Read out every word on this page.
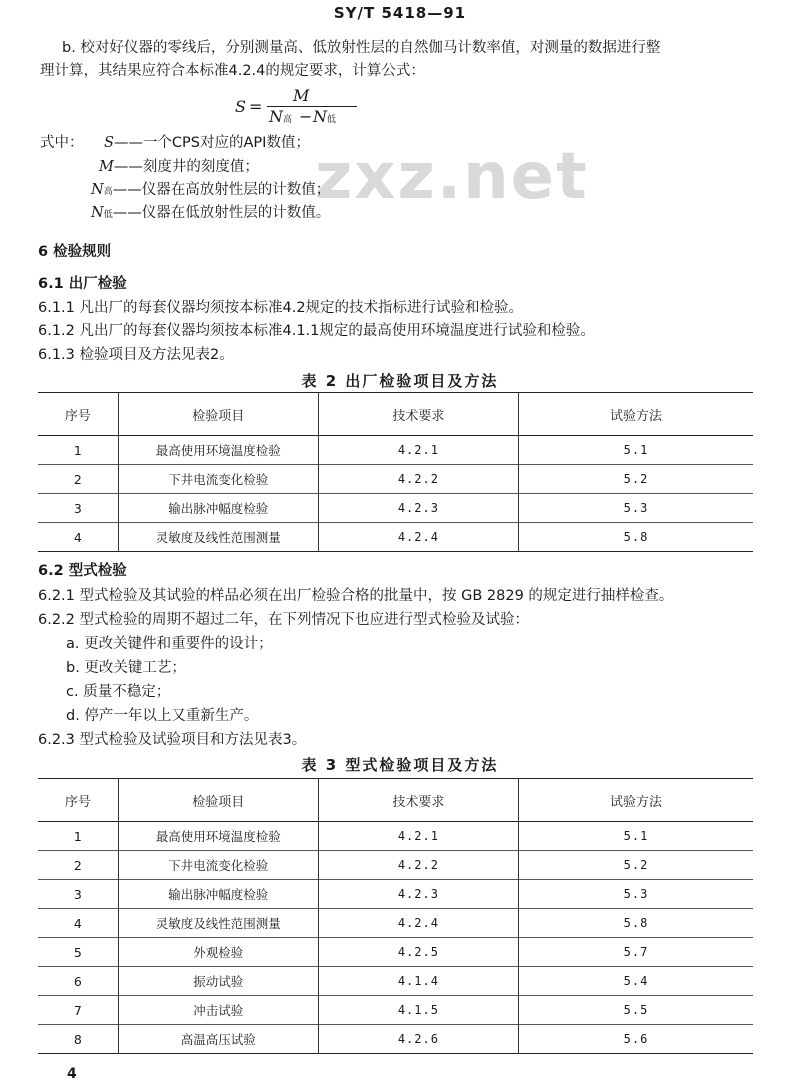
SY/T 5418—91
zxz.net
b. 校对好仪器的零线后，分别测量高、低放射性层的自然伽马计数率值，对测量的数据进行整
理计算，其结果应符合本标准4.2.4的规定要求，计算公式：
S =
M
N高 − N低
式中： S——一个CPS对应的API数值；
M——刻度井的刻度值；
N高——仪器在高放射性层的计数值；
N低——仪器在低放射性层的计数值。
6 检验规则
6.1 出厂检验
6.1.1 凡出厂的每套仪器均须按本标准4.2规定的技术指标进行试验和检验。
6.1.2 凡出厂的每套仪器均须按本标准4.1.1规定的最高使用环境温度进行试验和检验。
6.1.3 检验项目及方法见表2。
表 2 出厂检验项目及方法
序号	检验项目	技术要求	试验方法
1	最高使用环境温度检验	4.2.1	5.1
2	下井电流变化检验	4.2.2	5.2
3	输出脉冲幅度检验	4.2.3	5.3
4	灵敏度及线性范围测量	4.2.4	5.8
6.2 型式检验
6.2.1 型式检验及其试验的样品必须在出厂检验合格的批量中，按 GB 2829 的规定进行抽样检查。
6.2.2 型式检验的周期不超过二年，在下列情况下也应进行型式检验及试验：
a. 更改关键件和重要件的设计；
b. 更改关键工艺；
c. 质量不稳定；
d. 停产一年以上又重新生产。
6.2.3 型式检验及试验项目和方法见表3。
表 3 型式检验项目及方法
序号	检验项目	技术要求	试验方法
1	最高使用环境温度检验	4.2.1	5.1
2	下井电流变化检验	4.2.2	5.2
3	输出脉冲幅度检验	4.2.3	5.3
4	灵敏度及线性范围测量	4.2.4	5.8
5	外观检验	4.2.5	5.7
6	振动试验	4.1.4	5.4
7	冲击试验	4.1.5	5.5
8	高温高压试验	4.2.6	5.6
4
